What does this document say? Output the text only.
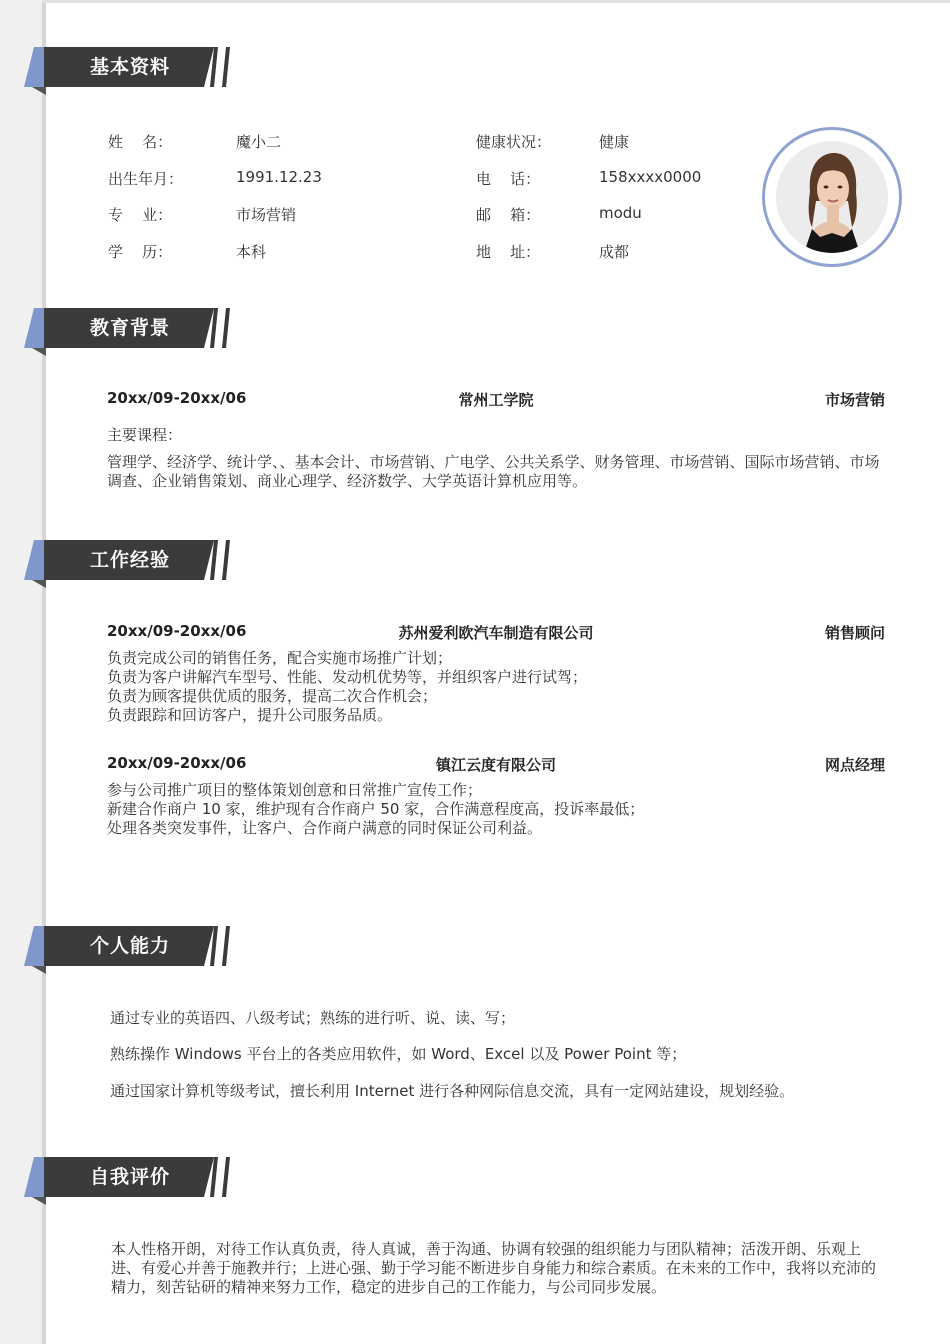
基本资料
姓    名：	魔小二
出生年月：	1991.12.23
专    业：	市场营销
学    历：	本科
健康状况：	健康
电    话：	158xxxx0000
邮    箱：	modu
地    址：	成都
教育背景
20xx/09-20xx/06	常州工学院	市场营销
主要课程：
管理学、经济学、统计学、、基本会计、市场营销、广电学、公共关系学、财务管理、市场营销、国际市场营销、市场调查、企业销售策划、商业心理学、经济数学、大学英语计算机应用等。
工作经验
20xx/09-20xx/06	苏州爱利欧汽车制造有限公司	销售顾问
负责完成公司的销售任务，配合实施市场推广计划；
负责为客户讲解汽车型号、性能、发动机优势等，并组织客户进行试驾；
负责为顾客提供优质的服务，提高二次合作机会；
负责跟踪和回访客户，提升公司服务品质。
20xx/09-20xx/06	镇江云度有限公司	网点经理
参与公司推广项目的整体策划创意和日常推广宣传工作；
新建合作商户 10 家，维护现有合作商户 50 家，合作满意程度高，投诉率最低；
处理各类突发事件，让客户、合作商户满意的同时保证公司利益。
个人能力
通过专业的英语四、八级考试；熟练的进行听、说、读、写；
熟练操作 Windows 平台上的各类应用软件，如 Word、Excel 以及 Power Point 等；
通过国家计算机等级考试，擅长利用 Internet 进行各种网际信息交流，具有一定网站建设，规划经验。
自我评价
本人性格开朗，对待工作认真负责，待人真诚，善于沟通、协调有较强的组织能力与团队精神；活泼开朗、乐观上进、有爱心并善于施教并行；上进心强、勤于学习能不断进步自身能力和综合素质。在未来的工作中，我将以充沛的精力，刻苦钻研的精神来努力工作，稳定的进步自己的工作能力，与公司同步发展。
